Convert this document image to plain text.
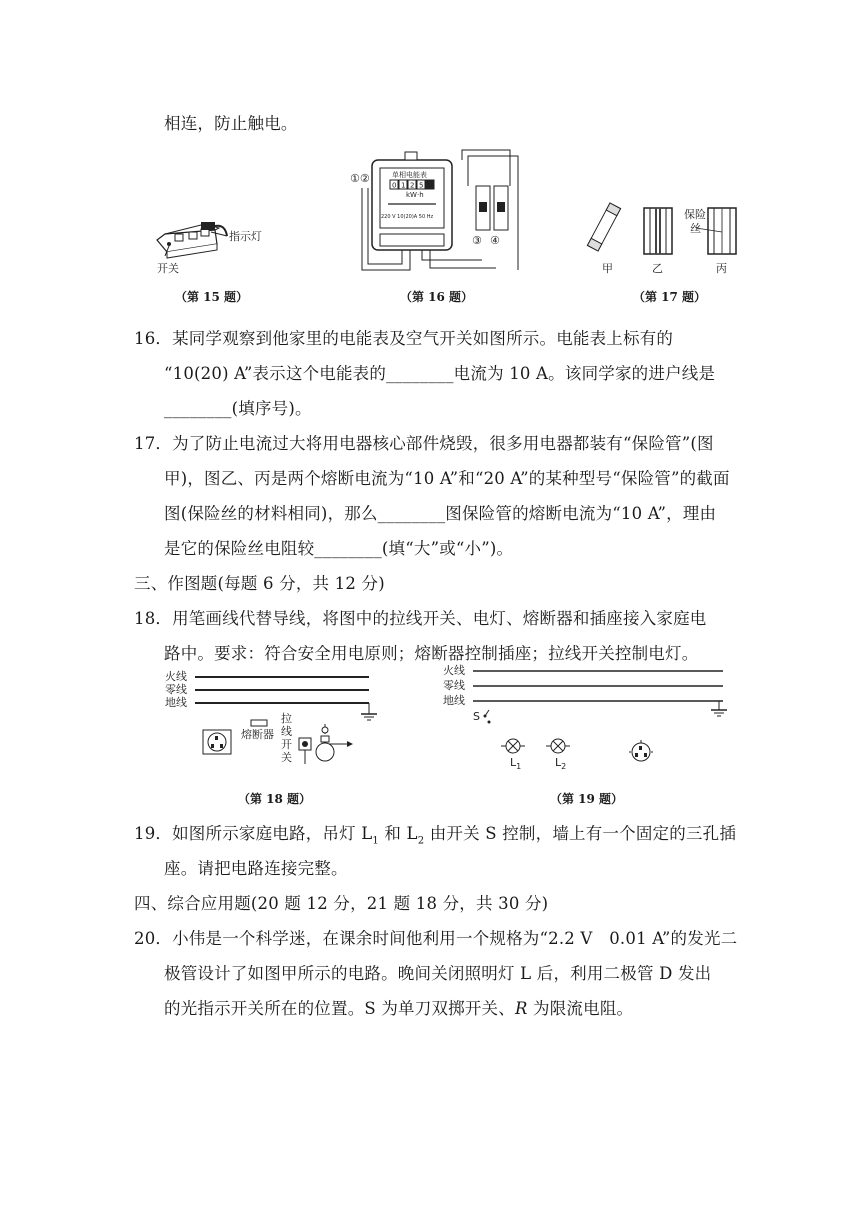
相连，防止触电。
指示灯
开关
（第 15 题）
①②	单相电能表
0 1 2 5 8
kW·h
220 V 10(20)A 50 Hz
③ ④
（第 16 题）
保险
丝
甲	乙	丙
（第 17 题）
16．某同学观察到他家里的电能表及空气开关如图所示。电能表上标有的
“10(20) A”表示这个电能表的________电流为 10 A。该同学家的进户线是
________(填序号)。
17．为了防止电流过大将用电器核心部件烧毁，很多用电器都装有“保险管”(图
甲)，图乙、丙是两个熔断电流为“10 A”和“20 A”的某种型号“保险管”的截面
图(保险丝的材料相同)，那么________图保险管的熔断电流为“10 A”，理由
是它的保险丝电阻较________(填“大”或“小”)。
三、作图题(每题 6 分，共 12 分)
18．用笔画线代替导线，将图中的拉线开关、电灯、熔断器和插座接入家庭电
路中。要求：符合安全用电原则；熔断器控制插座；拉线开关控制电灯。
火线
零线
地线
熔断器
拉
线
开
关
（第 18 题）
火线
零线
地线
S
$L_1$	$L_2$
（第 19 题）
19．如图所示家庭电路，吊灯 $L_1$ 和 $L_2$ 由开关 S 控制，墙上有一个固定的三孔插
座。请把电路连接完整。
四、综合应用题(20 题 12 分，21 题 18 分，共 30 分)
20．小伟是一个科学迷，在课余时间他利用一个规格为“2.2 V　0.01 A”的发光二
极管设计了如图甲所示的电路。晚间关闭照明灯 L 后，利用二极管 D 发出
的光指示开关所在的位置。S 为单刀双掷开关、R 为限流电阻。
